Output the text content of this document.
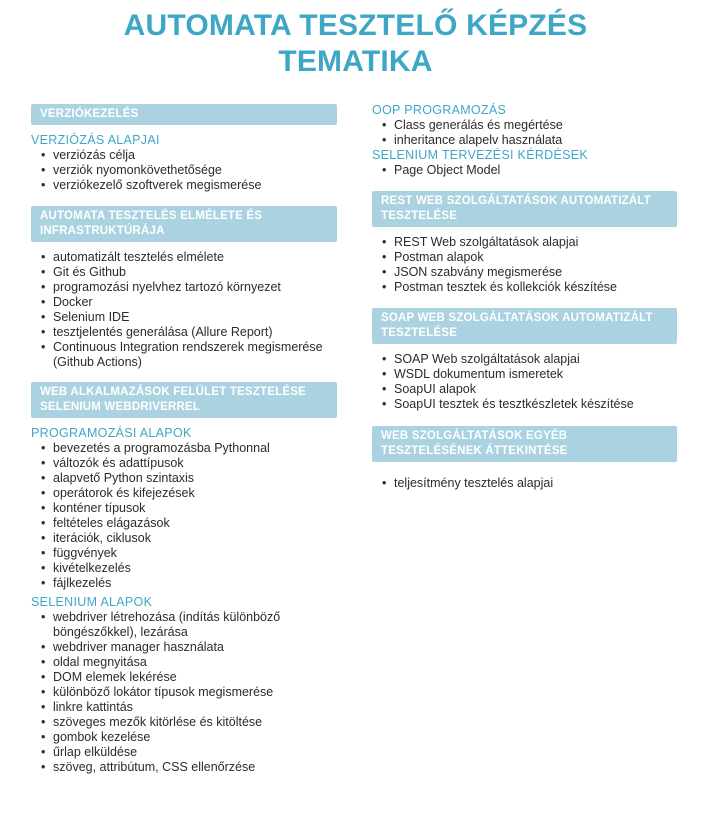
AUTOMATA TESZTELŐ KÉPZÉS
TEMATIKA
VERZIÓKEZELÉS
VERZIÓZÁS ALAPJAI
• verziózás célja
• verziók nyomonkövethetősége
• verziókezelő szoftverek megismerése
AUTOMATA TESZTELÉS ELMÉLETE ÉS INFRASTRUKTÚRÁJA
• automatizált tesztelés elmélete
• Git és Github
• programozási nyelvhez tartozó környezet
• Docker
• Selenium IDE
• tesztjelentés generálása (Allure Report)
• Continuous Integration rendszerek megismerése (Github Actions)
WEB ALKALMAZÁSOK FELÜLET TESZTELÉSE SELENIUM WEBDRIVERREL
PROGRAMOZÁSI ALAPOK
• bevezetés a programozásba Pythonnal
• változók és adattípusok
• alapvető Python szintaxis
• operátorok és kifejezések
• konténer típusok
• feltételes elágazások
• iterációk, ciklusok
• függvények
• kivételkezelés
• fájlkezelés
SELENIUM ALAPOK
• webdriver létrehozása (indítás különböző böngészőkkel), lezárása
• webdriver manager használata
• oldal megnyitása
• DOM elemek lekérése
• különböző lokátor típusok megismerése
• linkre kattintás
• szöveges mezők kitörlése és kitöltése
• gombok kezelése
• űrlap elküldése
• szöveg, attribútum, CSS ellenőrzése
OOP PROGRAMOZÁS
• Class generálás és megértése
• inheritance alapelv használata
SELENIUM TERVEZÉSI KÉRDÉSEK
• Page Object Model
REST WEB SZOLGÁLTATÁSOK AUTOMATIZÁLT TESZTELÉSE
• REST Web szolgáltatások alapjai
• Postman alapok
• JSON szabvány megismerése
• Postman tesztek és kollekciók készítése
SOAP WEB SZOLGÁLTATÁSOK AUTOMATIZÁLT TESZTELÉSE
• SOAP Web szolgáltatások alapjai
• WSDL dokumentum ismeretek
• SoapUI alapok
• SoapUI tesztek és tesztkészletek készítése
WEB SZOLGÁLTATÁSOK EGYÉB TESZTELÉSÉNEK ÁTTEKINTÉSE
• teljesítmény tesztelés alapjai
